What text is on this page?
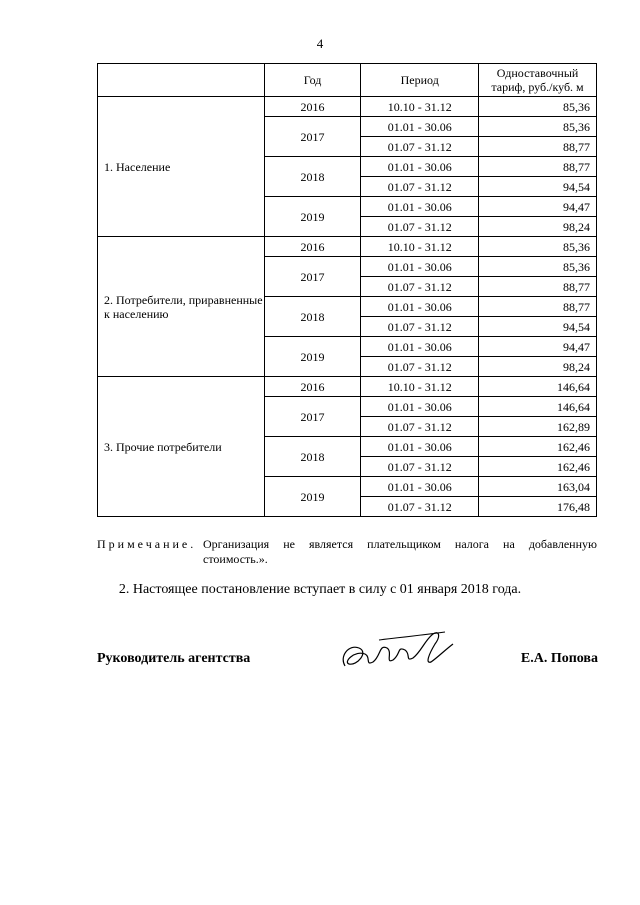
4
	Год	Период	Одноставочный тариф, руб./куб. м
1. Население	2016	10.10 - 31.12	85,36
	2017	01.01 - 30.06	85,36
		01.07 - 31.12	88,77
	2018	01.01 - 30.06	88,77
		01.07 - 31.12	94,54
	2019	01.01 - 30.06	94,47
		01.07 - 31.12	98,24
2. Потребители, приравненные к населению	2016	10.10 - 31.12	85,36
	2017	01.01 - 30.06	85,36
		01.07 - 31.12	88,77
	2018	01.01 - 30.06	88,77
		01.07 - 31.12	94,54
	2019	01.01 - 30.06	94,47
		01.07 - 31.12	98,24
3. Прочие потребители	2016	10.10 - 31.12	146,64
	2017	01.01 - 30.06	146,64
		01.07 - 31.12	162,89
	2018	01.01 - 30.06	162,46
		01.07 - 31.12	162,46
	2019	01.01 - 30.06	163,04
		01.07 - 31.12	176,48
Примечание. Организация не является плательщиком налога на добавленную стоимость.».
2. Настоящее постановление вступает в силу с 01 января 2018 года.
Руководитель агентства	Е.А. Попова
